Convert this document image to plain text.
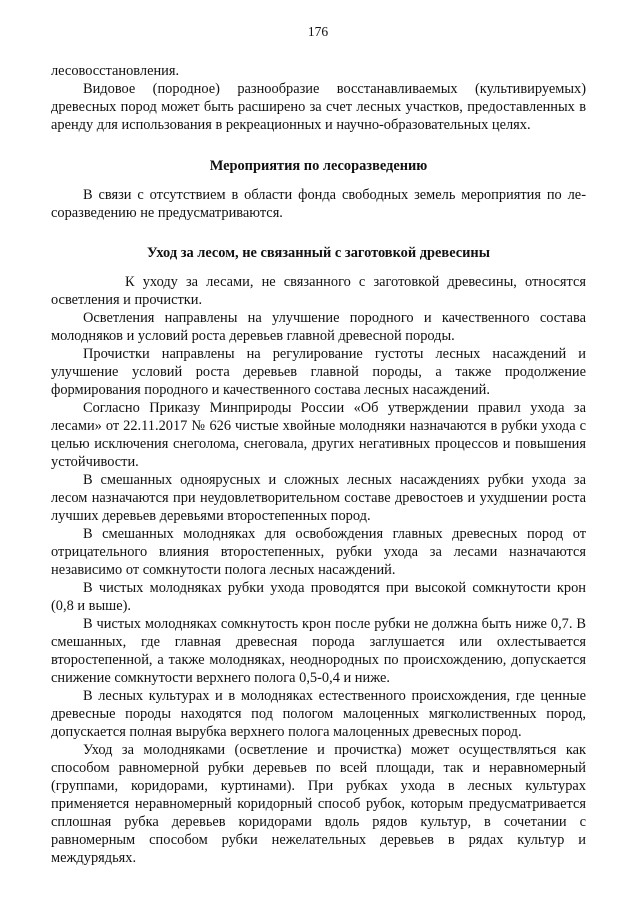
176

лесовосстановления.

Видовое (породное) разнообразие восстанавливаемых (культивируемых) древесных пород может быть расширено за счет лесных участков, предоставленных в аренду для использования в рекреационных и научно-образовательных целях.

Мероприятия по лесоразведению

В связи с отсутствием в области фонда свободных земель мероприятия по ле-соразведению не предусматриваются.

Уход за лесом, не связанный с заготовкой древесины

К уходу за лесами, не связанного с заготовкой древесины, относятся осветления и прочистки.

Осветления направлены на улучшение породного и качественного состава молодняков и условий роста деревьев главной древесной породы.

Прочистки направлены на регулирование густоты лесных насаждений и улучшение условий роста деревьев главной породы, а также продолжение формирования породного и качественного состава лесных насаждений.

Согласно Приказу Минприроды России «Об утверждении правил ухода за лесами» от 22.11.2017 № 626 чистые хвойные молодняки назначаются в рубки ухода с целью исключения снеголома, снеговала, других негативных процессов и повышения устойчивости.

В смешанных одноярусных и сложных лесных насаждениях рубки ухода за лесом назначаются при неудовлетворительном составе древостоев и ухудшении роста лучших деревьев деревьями второстепенных пород.

В смешанных молодняках для освобождения главных древесных пород от отрицательного влияния второстепенных, рубки ухода за лесами назначаются независимо от сомкнутости полога лесных насаждений.

В чистых молодняках рубки ухода проводятся при высокой сомкнутости крон (0,8 и выше).

В чистых молодняках сомкнутость крон после рубки не должна быть ниже 0,7. В смешанных, где главная древесная порода заглушается или охлестывается второстепенной, а также молодняках, неоднородных по происхождению, допускается снижение сомкнутости верхнего полога 0,5-0,4 и ниже.

В лесных культурах и в молодняках естественного происхождения, где ценные древесные породы находятся под пологом малоценных мягколиственных пород, допускается полная вырубка верхнего полога малоценных древесных пород.

Уход за молодняками (осветление и прочистка) может осуществляться как способом равномерной рубки деревьев по всей площади, так и неравномерный (группами, коридорами, куртинами). При рубках ухода в лесных культурах применяется неравномерный коридорный способ рубок, которым предусматривается сплошная рубка деревьев коридорами вдоль рядов культур, в сочетании с равномерным способом рубки нежелательных деревьев в рядах культур и междурядьях.
